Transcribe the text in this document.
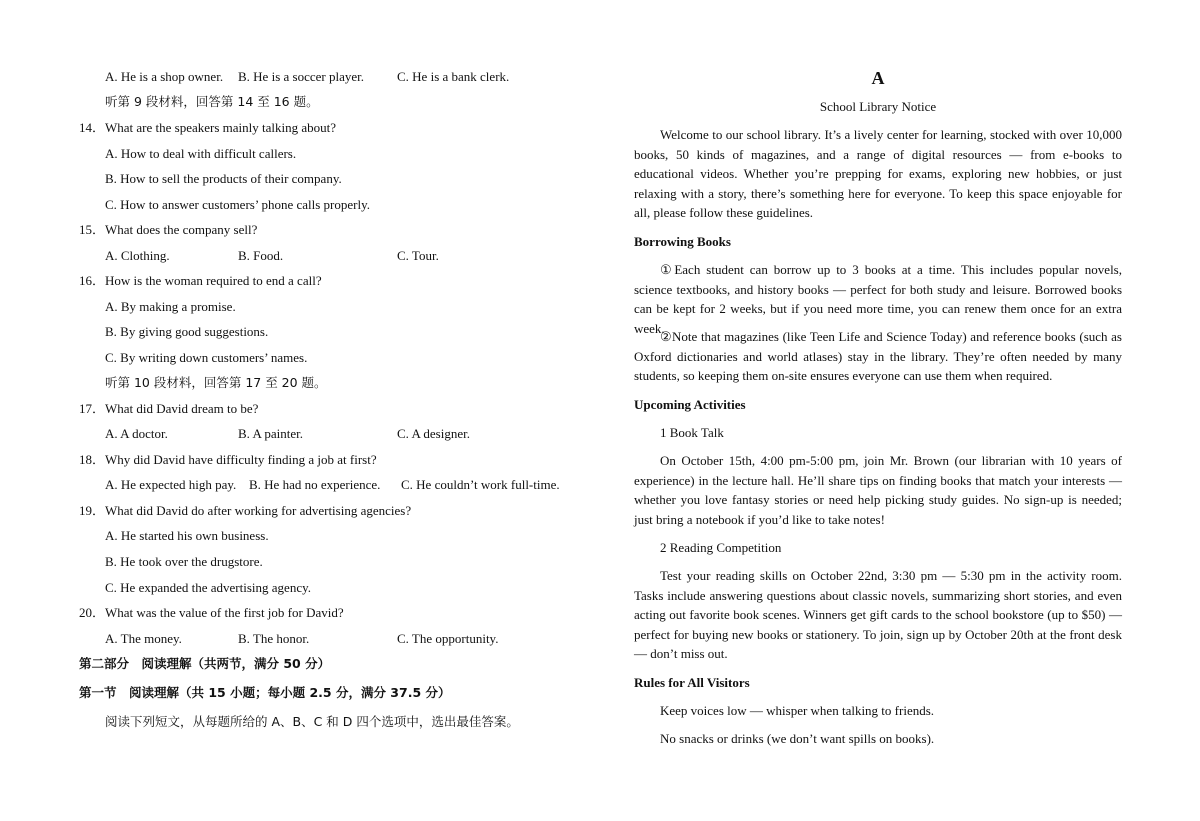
A. He is a shop owner. B. He is a soccer player.	C. He is a bank clerk.
听第 9 段材料，回答第 14 至 16 题。
14．What are the speakers mainly talking about?
A. How to deal with difficult callers.
B. How to sell the products of their company.
C. How to answer customers’ phone calls properly.
15．What does the company sell?
A. Clothing.	B. Food.	C. Tour.
16．How is the woman required to end a call?
A. By making a promise.
B. By giving good suggestions.
C. By writing down customers’ names.
听第 10 段材料，回答第 17 至 20 题。
17．What did David dream to be?
A. A doctor.	B. A painter.	C. A designer.
18．Why did David have difficulty finding a job at first?
A. He expected high pay. B. He had no experience. C. He couldn’t work full-time.
19．What did David do after working for advertising agencies?
A. He started his own business.
B. He took over the drugstore.
C. He expanded the advertising agency.
20．What was the value of the first job for David?
A. The money.	B. The honor.	C. The opportunity.
第二部分　阅读理解（共两节，满分 50 分）
第一节　阅读理解（共 15 小题；每小题 2.5 分，满分 37.5 分）
阅读下列短文，从每题所给的 A、B、C 和 D 四个选项中，选出最佳答案。
A
School Library Notice
Welcome to our school library. It’s a lively center for learning, stocked with over 10,000 books, 50 kinds of magazines, and a range of digital resources — from e-books to educational videos. Whether you’re prepping for exams, exploring new hobbies, or just relaxing with a story, there’s something here for everyone. To keep this space enjoyable for all, please follow these guidelines.
Borrowing Books
①Each student can borrow up to 3 books at a time. This includes popular novels, science textbooks, and history books — perfect for both study and leisure. Borrowed books can be kept for 2 weeks, but if you need more time, you can renew them once for an extra week.
②Note that magazines (like Teen Life and Science Today) and reference books (such as Oxford dictionaries and world atlases) stay in the library. They’re often needed by many students, so keeping them on-site ensures everyone can use them when required.
Upcoming Activities
1 Book Talk
On October 15th, 4:00 pm-5:00 pm, join Mr. Brown (our librarian with 10 years of experience) in the lecture hall. He’ll share tips on finding books that match your interests — whether you love fantasy stories or need help picking study guides. No sign-up is needed; just bring a notebook if you’d like to take notes!
2 Reading Competition
Test your reading skills on October 22nd, 3:30 pm — 5:30 pm in the activity room. Tasks include answering questions about classic novels, summarizing short stories, and even acting out favorite book scenes. Winners get gift cards to the school bookstore (up to $50) — perfect for buying new books or stationery. To join, sign up by October 20th at the front desk — don’t miss out.
Rules for All Visitors
Keep voices low — whisper when talking to friends.
No snacks or drinks (we don’t want spills on books).
